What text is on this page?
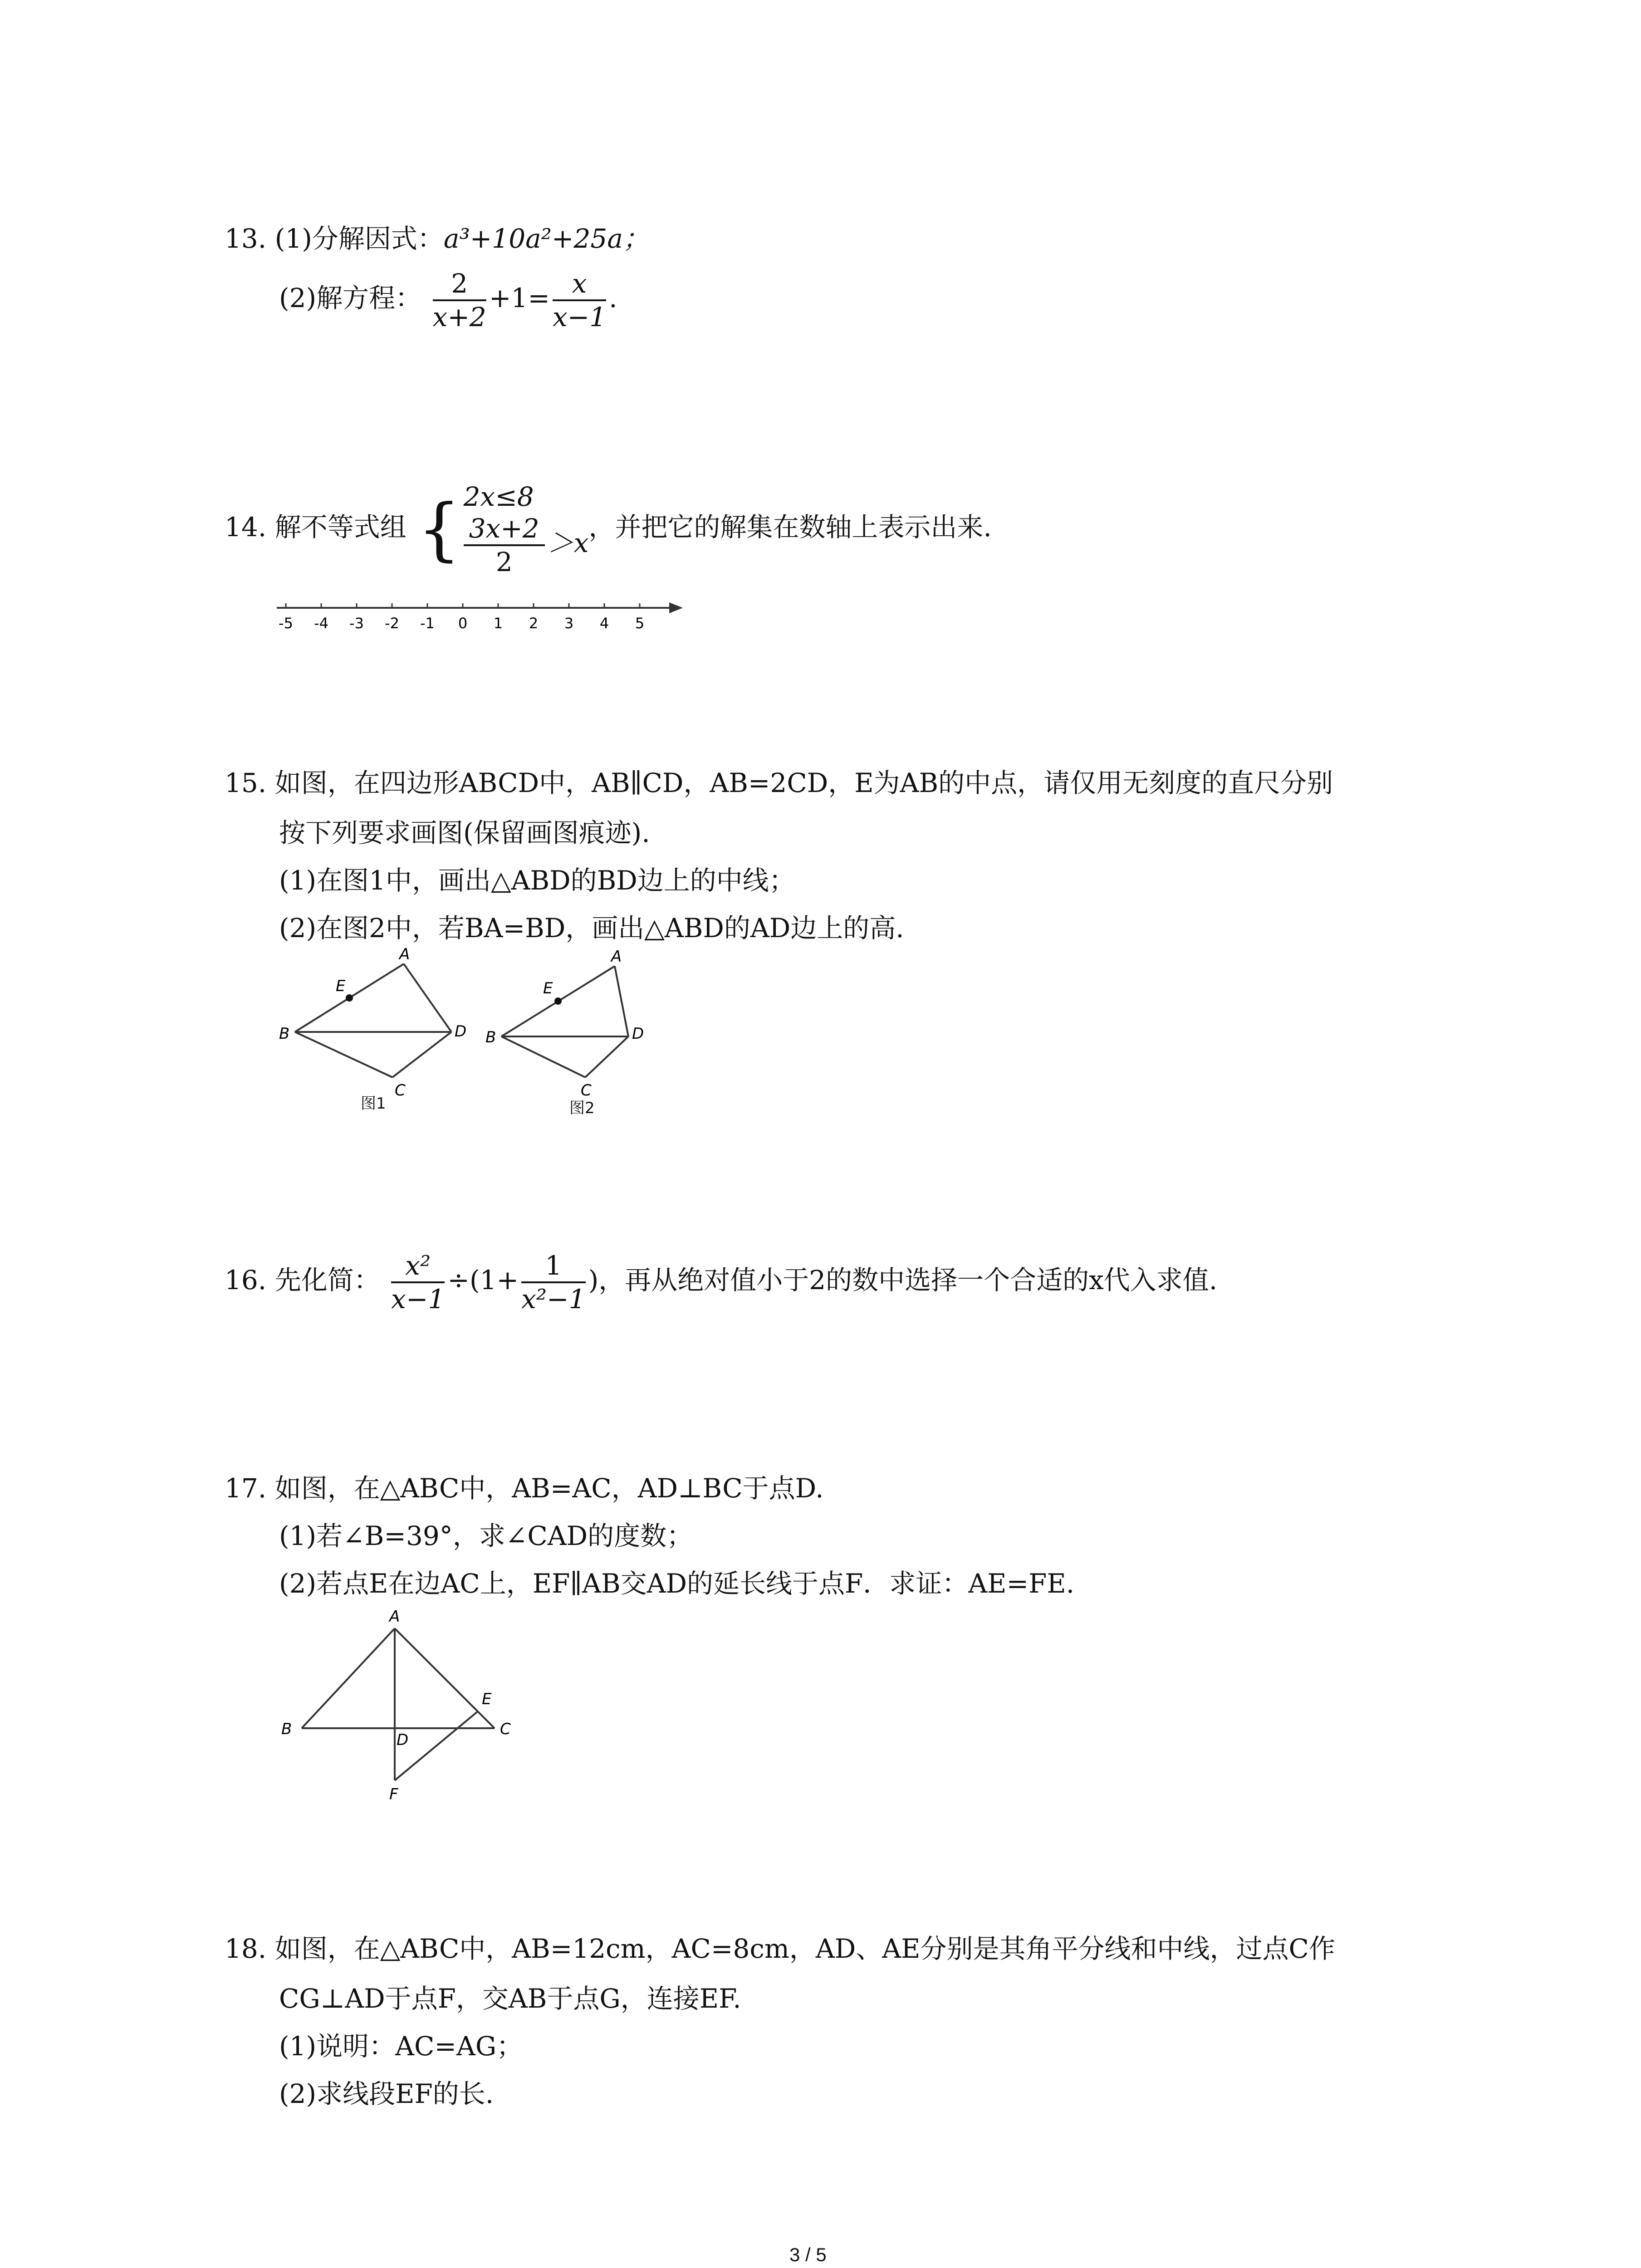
13. (1)分解因式：a³+10a²+25a；
(2)解方程： $\frac{2}{x+2} +1= \frac{x}{x-1}$ .
14. 解不等式组 { 2x≤8
$\frac{3x+2}{2} >x$
，并把它的解集在数轴上表示出来.
-5 -4 -3 -2 -1 0 1 2 3 4 5
15. 如图，在四边形ABCD中，AB∥CD，AB=2CD，E为AB的中点，请仅用无刻度的直尺分别
按下列要求画图(保留画图痕迹).
(1)在图1中，画出△ABD的BD边上的中线；
(2)在图2中，若BA=BD，画出△ABD的AD边上的高.
A
B
C
D
E
图1
A
B
C
D
E
图2
16. 先化简： $\frac{\text{x²}}{x-1} \div(1+ \frac{1}{\text{x²−1}}$ )，再从绝对值小于2的数中选择一个合适的x代入求值.
17. 如图，在△ABC中，AB=AC，AD⊥BC于点D.
(1)若∠B=39°，求∠CAD的度数；
(2)若点E在边AC上，EF∥AB交AD的延长线于点F．求证：AE=FE.
A
B	C
D
E
F
18. 如图，在△ABC中，AB=12cm，AC=8cm，AD、AE分别是其角平分线和中线，过点C作
CG⊥AD于点F，交AB于点G，连接EF.
(1)说明：AC=AG；
(2)求线段EF的长.
3 / 5
